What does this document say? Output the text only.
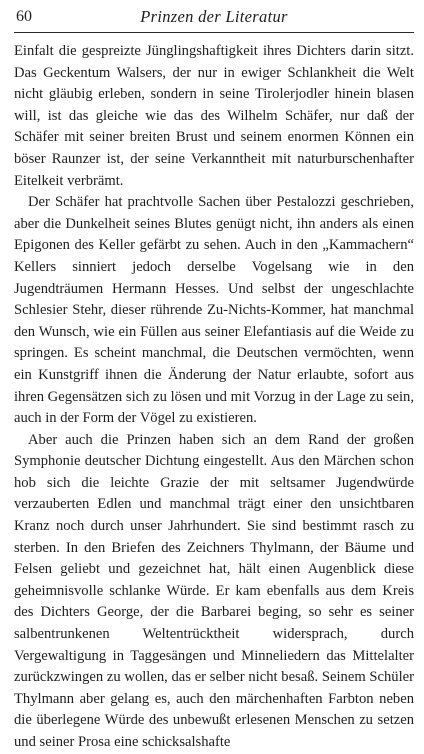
60	Prinzen der Literatur

Einfalt die gespreizte Jünglingshaftigkeit ihres Dichters darin sitzt. Das Geckentum Walsers, der nur in ewiger Schlankheit die Welt nicht gläubig erleben, sondern in seine Tirolerjodler hinein blasen will, ist das gleiche wie das des Wilhelm Schäfer, nur daß der Schäfer mit seiner breiten Brust und seinem enormen Können ein böser Raunzer ist, der seine Verkanntheit mit naturburschenhafter Eitelkeit verbrämt.

Der Schäfer hat prachtvolle Sachen über Pestalozzi geschrieben, aber die Dunkelheit seines Blutes genügt nicht, ihn anders als einen Epigonen des Keller gefärbt zu sehen. Auch in den „Kammachern“ Kellers sinniert jedoch derselbe Vogelsang wie in den Jugendträumen Hermann Hesses. Und selbst der ungeschlachte Schlesier Stehr, dieser rührende Zu-Nichts-Kommer, hat manchmal den Wunsch, wie ein Füllen aus seiner Elefantiasis auf die Weide zu springen. Es scheint manchmal, die Deutschen vermöchten, wenn ein Kunstgriff ihnen die Änderung der Natur erlaubte, sofort aus ihren Gegensätzen sich zu lösen und mit Vorzug in der Lage zu sein, auch in der Form der Vögel zu existieren.

Aber auch die Prinzen haben sich an dem Rand der großen Symphonie deutscher Dichtung eingestellt. Aus den Märchen schon hob sich die leichte Grazie der mit seltsamer Jugendwürde verzauberten Edlen und manchmal trägt einer den unsichtbaren Kranz noch durch unser Jahrhundert. Sie sind bestimmt rasch zu sterben. In den Briefen des Zeichners Thylmann, der Bäume und Felsen geliebt und gezeichnet hat, hält einen Augenblick diese geheimnisvolle schlanke Würde. Er kam ebenfalls aus dem Kreis des Dichters George, der die Barbarei beging, so sehr es seiner salbentrunkenen Weltentrücktheit widersprach, durch Vergewaltigung in Taggesängen und Minneliedern das Mittelalter zurückzwingen zu wollen, das er selber nicht besaß. Seinem Schüler Thylmann aber gelang es, auch den märchenhaften Farbton neben die überlegene Würde des unbewußt erlesenen Menschen zu setzen und seiner Prosa eine schicksalshafte
